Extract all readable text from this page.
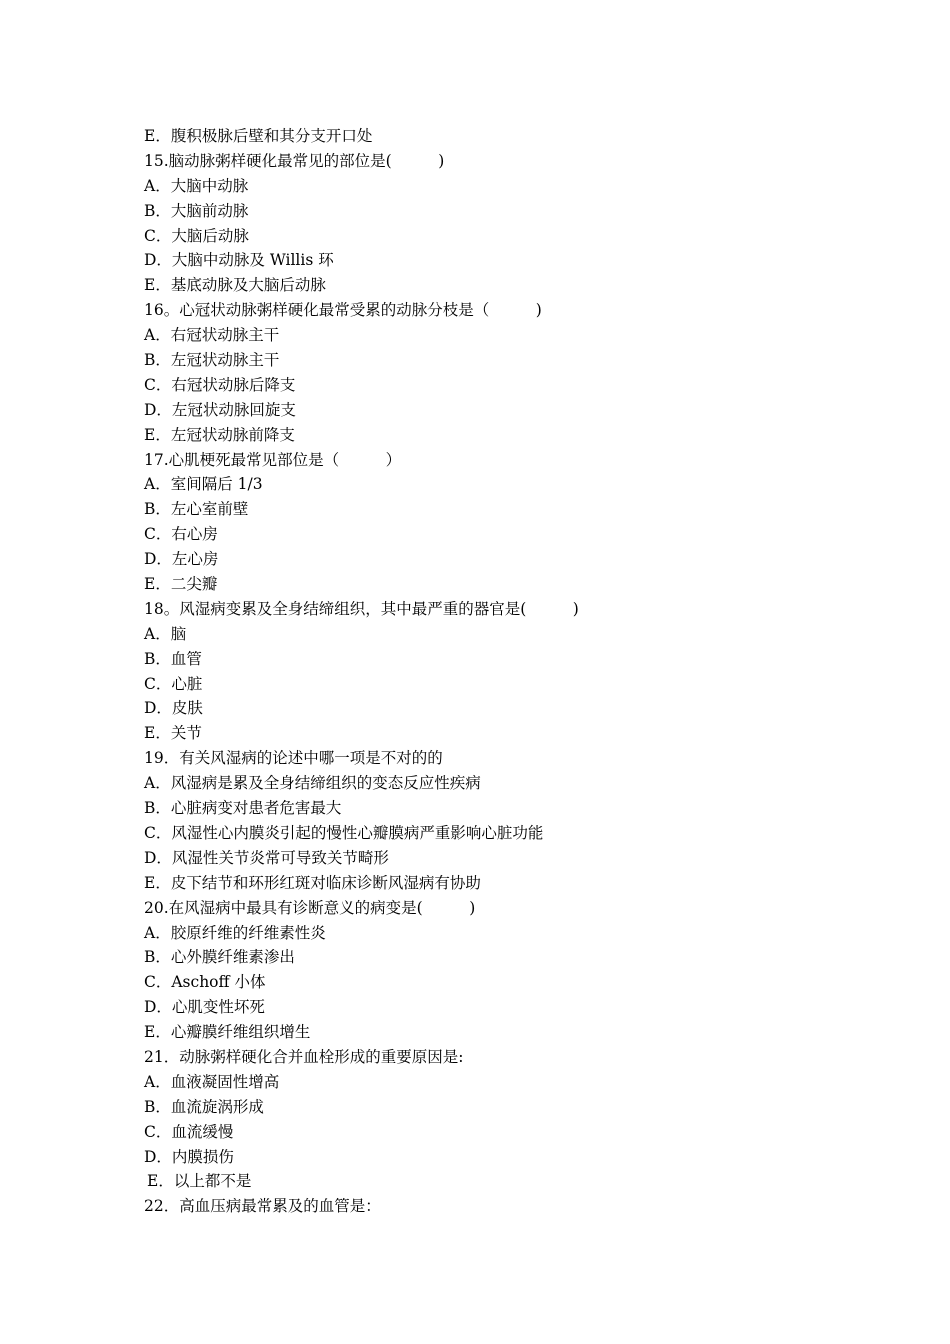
E．腹积极脉后壁和其分支开口处
15.脑动脉粥样硬化最常见的部位是(　　　)
A．大脑中动脉
B．大脑前动脉
C．大脑后动脉
D．大脑中动脉及 Willis 环
E．基底动脉及大脑后动脉
16。心冠状动脉粥样硬化最常受累的动脉分枝是（　　　)
A．右冠状动脉主干
B．左冠状动脉主干
C．右冠状动脉后降支
D．左冠状动脉回旋支
E．左冠状动脉前降支
17.心肌梗死最常见部位是（　　　）
A．室间隔后 1/3
B．左心室前壁
C．右心房
D．左心房
E．二尖瓣
18。风湿病变累及全身结缔组织，其中最严重的器官是(　　　)
A．脑
B．血管
C．心脏
D．皮肤
E．关节
19．有关风湿病的论述中哪一项是不对的的
A．风湿病是累及全身结缔组织的变态反应性疾病
B．心脏病变对患者危害最大
C．风湿性心内膜炎引起的慢性心瓣膜病严重影响心脏功能
D．风湿性关节炎常可导致关节畸形
E．皮下结节和环形红斑对临床诊断风湿病有协助
20.在风湿病中最具有诊断意义的病变是(　　　)
A．胶原纤维的纤维素性炎
B．心外膜纤维素渗出
C．Aschoff 小体
D．心肌变性坏死
E．心瓣膜纤维组织增生
21．动脉粥样硬化合并血栓形成的重要原因是:
A．血液凝固性增高
B．血流旋涡形成
C．血流缓慢
D．内膜损伤
E．以上都不是
22．高血压病最常累及的血管是：
